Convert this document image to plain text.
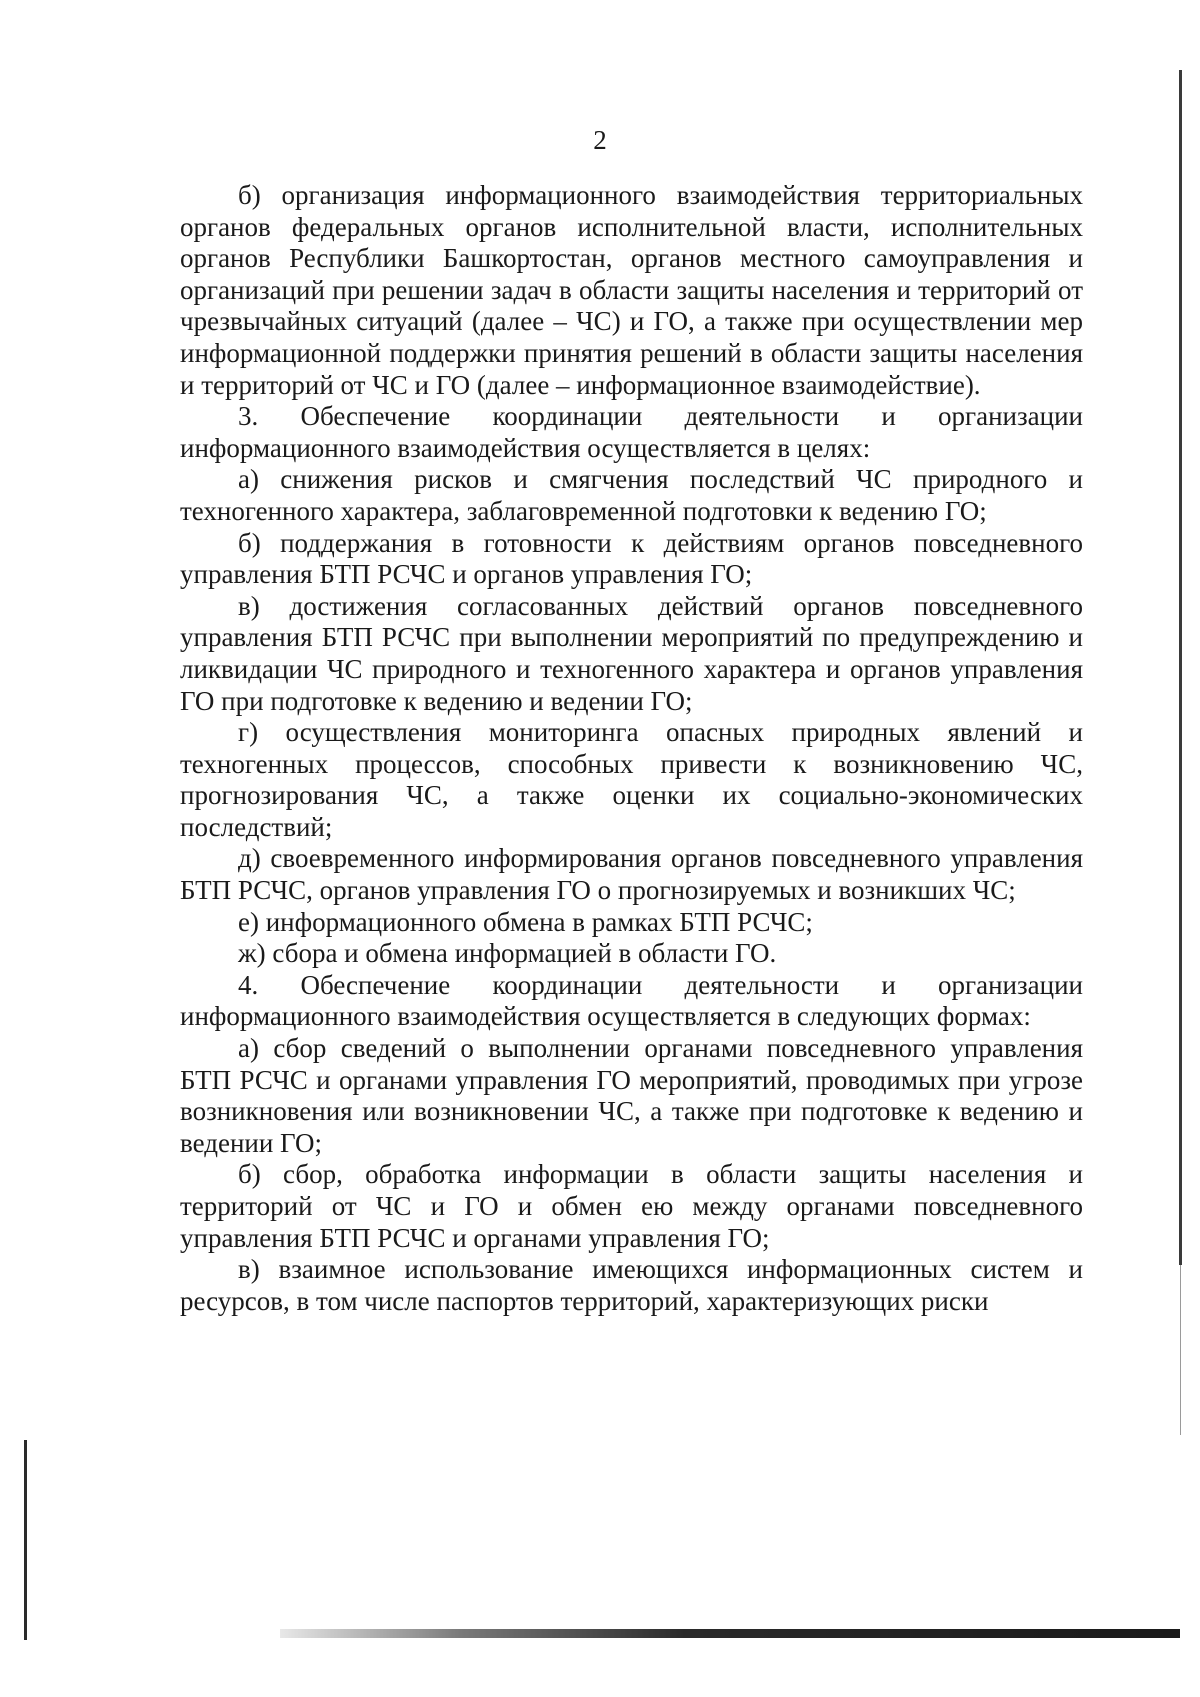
2

б) организация информационного взаимодействия территориальных органов федеральных органов исполнительной власти, исполнительных органов Республики Башкортостан, органов местного самоуправления и организаций при решении задач в области защиты населения и территорий от чрезвычайных ситуаций (далее – ЧС) и ГО, а также при осуществлении мер информационной поддержки принятия решений в области защиты населения и территорий от ЧС и ГО (далее – информационное взаимодействие).

3. Обеспечение координации деятельности и организации информационного взаимодействия осуществляется в целях:

а) снижения рисков и смягчения последствий ЧС природного и техногенного характера, заблаговременной подготовки к ведению ГО;

б) поддержания в готовности к действиям органов повседневного управления БТП РСЧС и органов управления ГО;

в) достижения согласованных действий органов повседневного управления БТП РСЧС при выполнении мероприятий по предупреждению и ликвидации ЧС природного и техногенного характера и органов управления ГО при подготовке к ведению и ведении ГО;

г) осуществления мониторинга опасных природных явлений и техногенных процессов, способных привести к возникновению ЧС, прогнозирования ЧС, а также оценки их социально-экономических последствий;

д) своевременного информирования органов повседневного управления БТП РСЧС, органов управления ГО о прогнозируемых и возникших ЧС;

е) информационного обмена в рамках БТП РСЧС;

ж) сбора и обмена информацией в области ГО.

4. Обеспечение координации деятельности и организации информационного взаимодействия осуществляется в следующих формах:

а) сбор сведений о выполнении органами повседневного управления БТП РСЧС и органами управления ГО мероприятий, проводимых при угрозе возникновения или возникновении ЧС, а также при подготовке к ведению и ведении ГО;

б) сбор, обработка информации в области защиты населения и территорий от ЧС и ГО и обмен ею между органами повседневного управления БТП РСЧС и органами управления ГО;

в) взаимное использование имеющихся информационных систем и ресурсов, в том числе паспортов территорий, характеризующих риски
